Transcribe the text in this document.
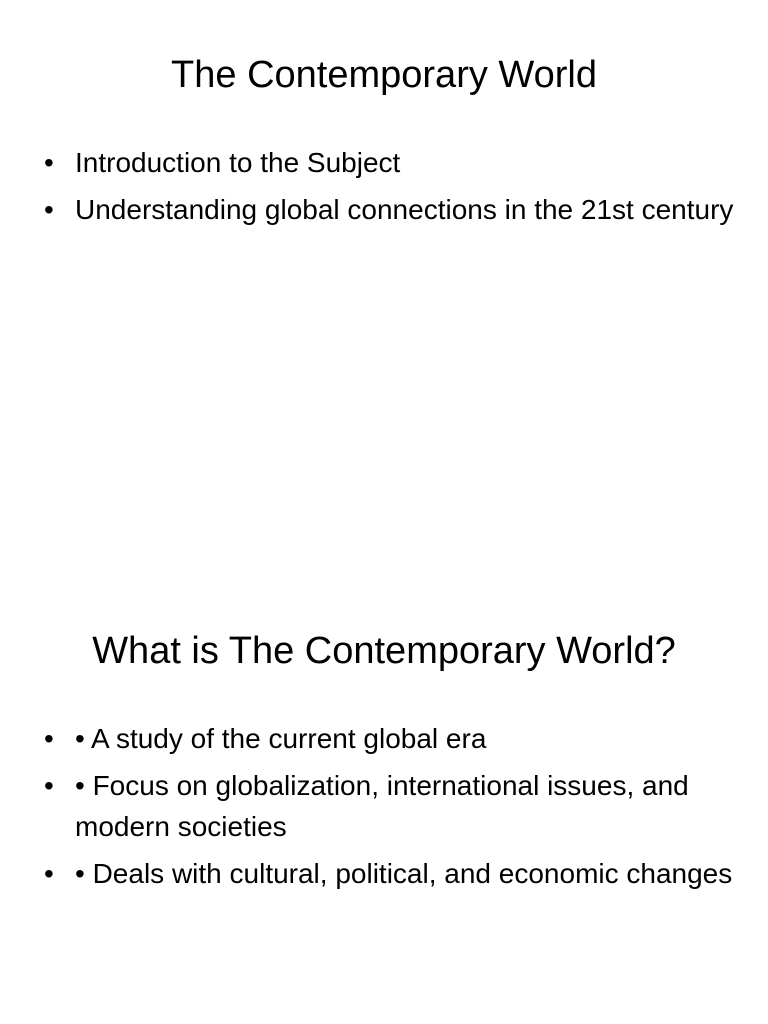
The Contemporary World
• Introduction to the Subject
• Understanding global connections in the 21st century
What is The Contemporary World?
• • A study of the current global era
• • Focus on globalization, international issues, and modern societies
• • Deals with cultural, political, and economic changes
